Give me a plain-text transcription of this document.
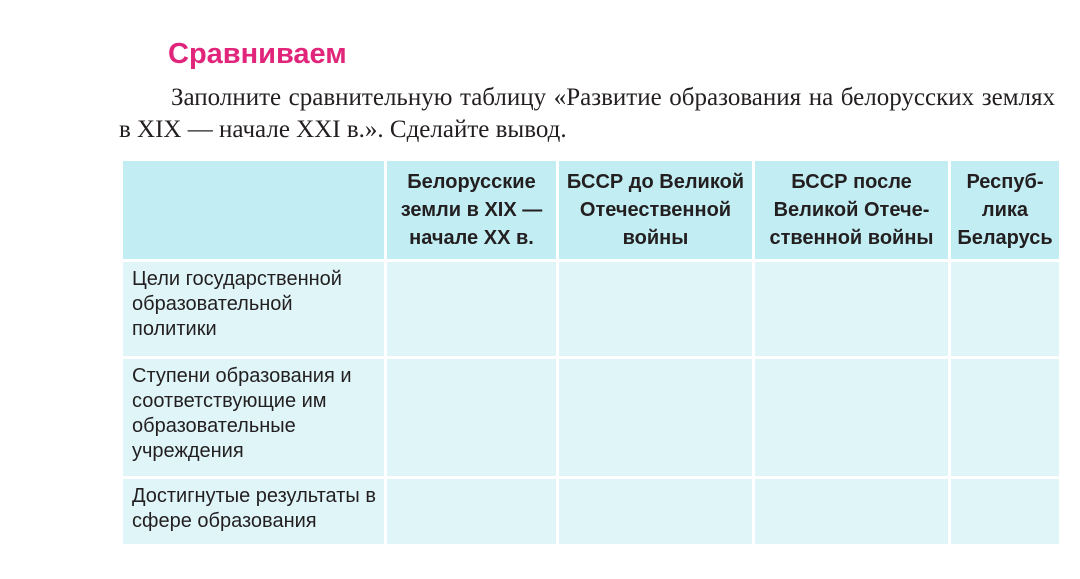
Сравниваем

Заполните сравнительную таблицу «Развитие образования на белорусских землях в XIX — начале XXI в.». Сделайте вывод.

	Белорусские земли в XIX — начале XX в.	БССР до Великой Отечественной войны	БССР после Великой Отече-ственной войны	Респуб-лика Беларусь

Цели государственной образовательной политики				
Ступени образования и соответствующие им образовательные учреждения				
Достигнутые результаты в сфере образования				
